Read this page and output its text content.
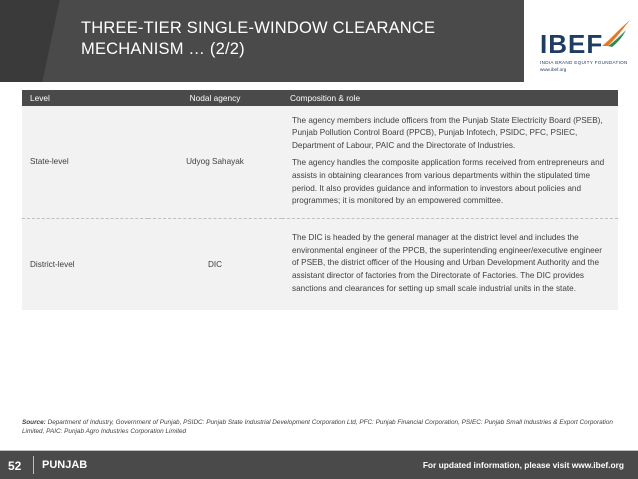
THREE-TIER SINGLE-WINDOW CLEARANCE
MECHANISM … (2/2)	IBEF
INDIA BRAND EQUITY FOUNDATION
www.ibef.org
Level	Nodal agency	Composition & role
State-level	Udyog Sahayak	The agency members include officers from the Punjab State Electricity Board (PSEB), Punjab Pollution Control Board (PPCB), Punjab Infotech, PSIDC, PFC, PSIEC, Department of Labour, PAIC and the Directorate of Industries.
The agency handles the composite application forms received from entrepreneurs and assists in obtaining clearances from various departments within the stipulated time period. It also provides guidance and information to investors about policies and programmes; it is monitored by an empowered committee.

District-level	DIC	The DIC is headed by the general manager at the district level and includes the environmental engineer of the PPCB, the superintending engineer/executive engineer of PSEB, the district officer of the Housing and Urban Development Authority and the assistant director of factories from the Directorate of Factories. The DIC provides sanctions and clearances for setting up small scale industrial units in the state.
Source: Department of Industry, Government of Punjab, PSIDC: Punjab State Industrial Development Corporation Ltd, PFC: Punjab Financial Corporation, PSIEC: Punjab Small Industries & Export Corporation Limited, PAIC: Punjab Agro Industries Corporation Limited
52 PUNJAB	For updated information, please visit www.ibef.org
